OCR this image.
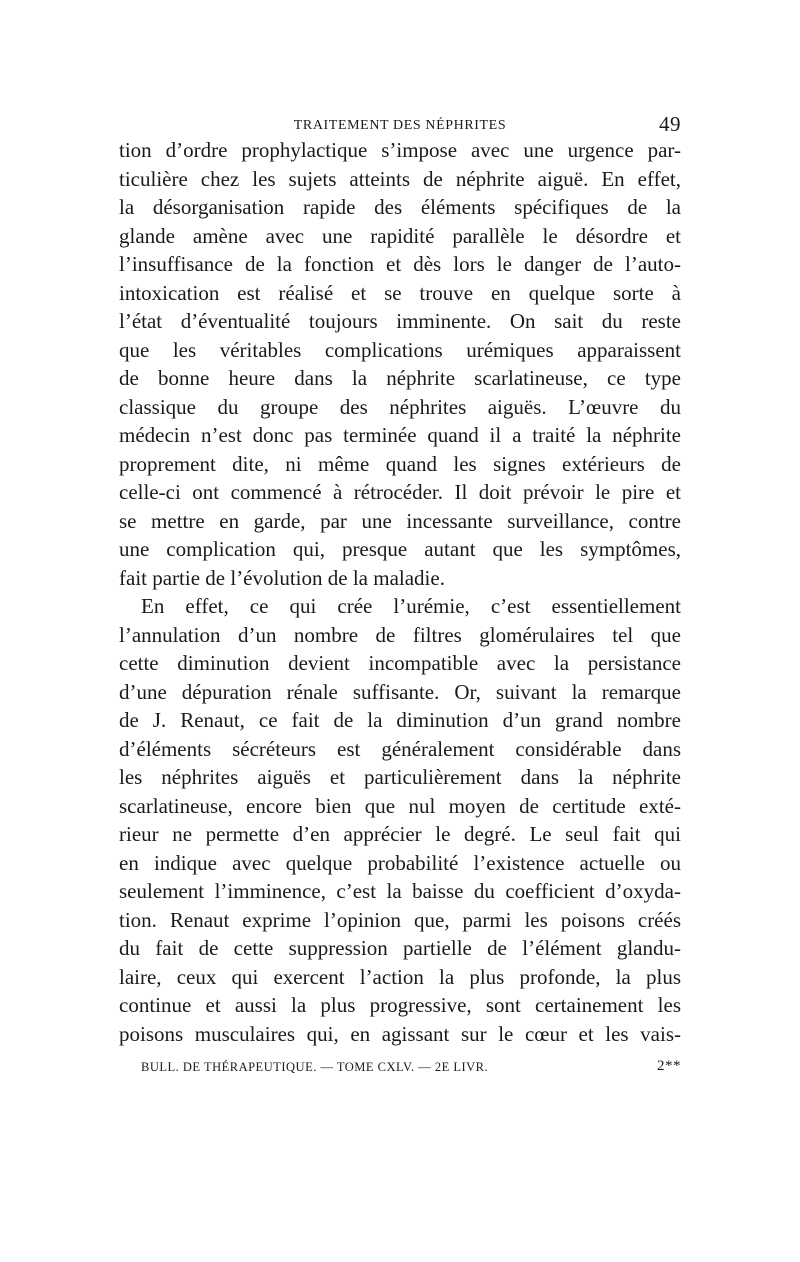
TRAITEMENT DES NÉPHRITES	49
tion d’ordre prophylactique s’impose avec une urgence par-
ticulière chez les sujets atteints de néphrite aiguë. En effet,
la désorganisation rapide des éléments spécifiques de la
glande amène avec une rapidité parallèle le désordre et
l’insuffisance de la fonction et dès lors le danger de l’auto-
intoxication est réalisé et se trouve en quelque sorte à
l’état d’éventualité toujours imminente. On sait du reste
que les véritables complications urémiques apparaissent
de bonne heure dans la néphrite scarlatineuse, ce type
classique du groupe des néphrites aiguës. L’œuvre du
médecin n’est donc pas terminée quand il a traité la néphrite
proprement dite, ni même quand les signes extérieurs de
celle-ci ont commencé à rétrocéder. Il doit prévoir le pire et
se mettre en garde, par une incessante surveillance, contre
une complication qui, presque autant que les symptômes,
fait partie de l’évolution de la maladie.
En effet, ce qui crée l’urémie, c’est essentiellement
l’annulation d’un nombre de filtres glomérulaires tel que
cette diminution devient incompatible avec la persistance
d’une dépuration rénale suffisante. Or, suivant la remarque
de J. Renaut, ce fait de la diminution d’un grand nombre
d’éléments sécréteurs est généralement considérable dans
les néphrites aiguës et particulièrement dans la néphrite
scarlatineuse, encore bien que nul moyen de certitude exté-
rieur ne permette d’en apprécier le degré. Le seul fait qui
en indique avec quelque probabilité l’existence actuelle ou
seulement l’imminence, c’est la baisse du coefficient d’oxyda-
tion. Renaut exprime l’opinion que, parmi les poisons créés
du fait de cette suppression partielle de l’élément glandu-
laire, ceux qui exercent l’action la plus profonde, la plus
continue et aussi la plus progressive, sont certainement les
poisons musculaires qui, en agissant sur le cœur et les vais-
BULL. DE THÉRAPEUTIQUE. — TOME CXLV. — 2E LIVR.	2**
